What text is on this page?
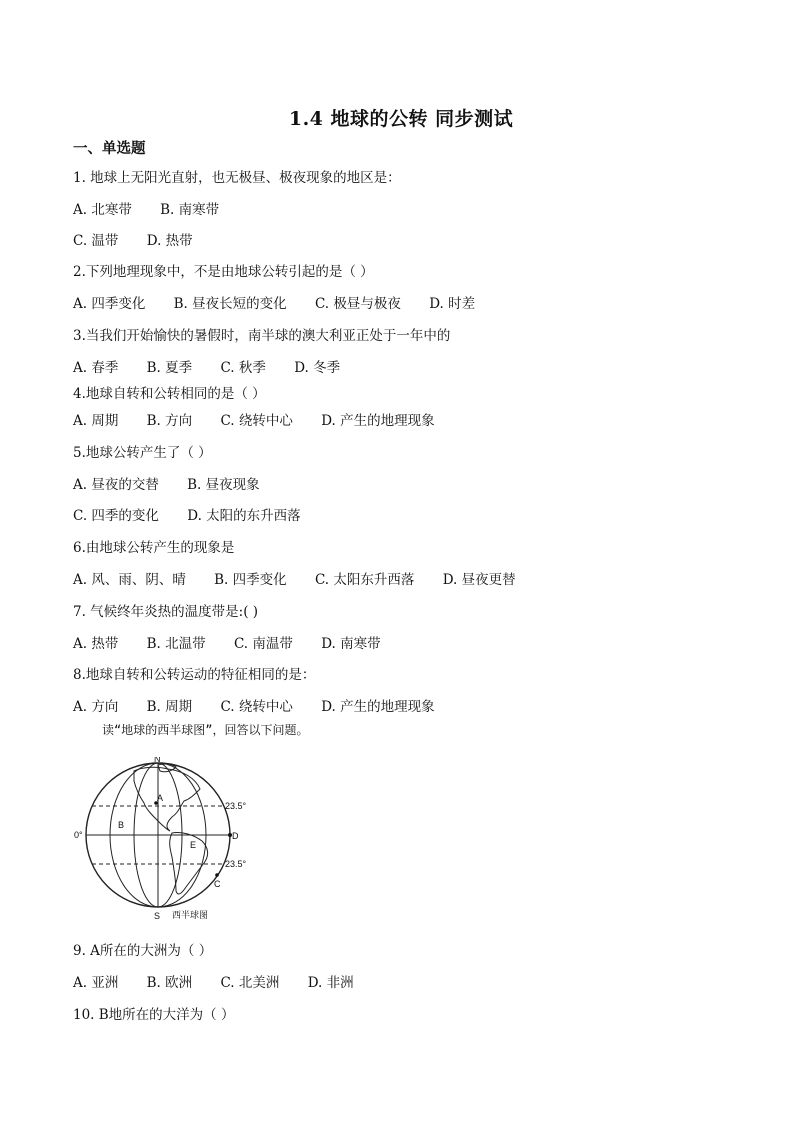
1.4 地球的公转 同步测试
一、单选题
1. 地球上无阳光直射，也无极昼、极夜现象的地区是：
A. 北寒带 B. 南寒带
C. 温带 D. 热带
2.下列地理现象中，不是由地球公转引起的是（ ）
A. 四季变化 B. 昼夜长短的变化 C. 极昼与极夜 D. 时差
3.当我们开始愉快的暑假时，南半球的澳大利亚正处于一年中的
A. 春季 B. 夏季 C. 秋季 D. 冬季
4.地球自转和公转相同的是（ ）
A. 周期 B. 方向 C. 绕转中心 D. 产生的地理现象
5.地球公转产生了（ ）
A. 昼夜的交替 B. 昼夜现象
C. 四季的变化 D. 太阳的东升西落
6.由地球公转产生的现象是
A. 风、雨、阴、晴 B. 四季变化 C. 太阳东升西落 D. 昼夜更替
7. 气候终年炎热的温度带是:( )
A. 热带 B. 北温带 C. 南温带 D. 南寒带
8.地球自转和公转运动的特征相同的是：
A. 方向 B. 周期 C. 绕转中心 D. 产生的地理现象
读“地球的西半球图”，回答以下问题。
N
S
A
B
C
D
E
23.5°
23.5°
0°
西半球图
9. A所在的大洲为（ ）
A. 亚洲 B. 欧洲 C. 北美洲 D. 非洲
10. B地所在的大洋为（ ）
